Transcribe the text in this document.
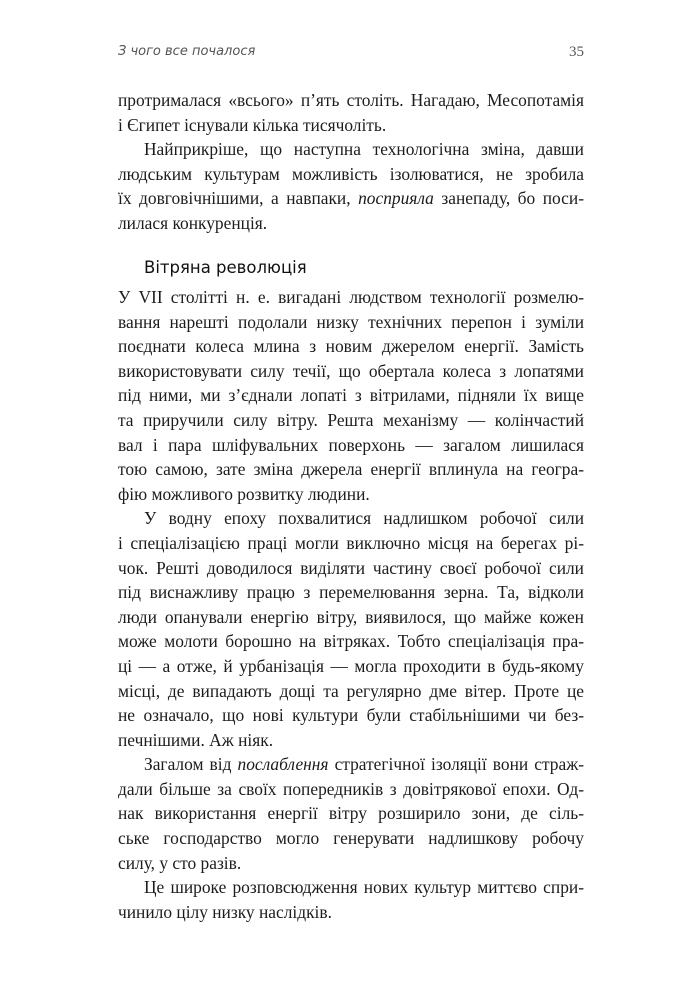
З чого все почалося	35
протрималася «всього» п’ять століть. Нагадаю, Месопотамія
і Єгипет існували кілька тисячоліть.
Найприкріше, що наступна технологічна зміна, давши
людським культурам можливість ізолюватися, не зробила
їх довговічнішими, а навпаки, посприяла занепаду, бо поси-
лилася конкуренція.
Вітряна революція
У VII столітті н. е. вигадані людством технології розмелю-
вання нарешті подолали низку технічних перепон і зуміли
поєднати колеса млина з новим джерелом енергії. Замість
використовувати силу течії, що обертала колеса з лопатями
під ними, ми з’єднали лопаті з вітрилами, підняли їх вище
та приручили силу вітру. Решта механізму — колінчастий
вал і пара шліфувальних поверхонь — загалом лишилася
тою самою, зате зміна джерела енергії вплинула на геогра-
фію можливого розвитку людини.
У водну епоху похвалитися надлишком робочої сили
і спеціалізацією праці могли виключно місця на берегах рі-
чок. Решті доводилося виділяти частину своєї робочої сили
під виснажливу працю з перемелювання зерна. Та, відколи
люди опанували енергію вітру, виявилося, що майже кожен
може молоти борошно на вітряках. Тобто спеціалізація пра-
ці — а отже, й урбанізація — могла проходити в будь-якому
місці, де випадають дощі та регулярно дме вітер. Проте це
не означало, що нові культури були стабільнішими чи без-
печнішими. Аж ніяк.
Загалом від послаблення стратегічної ізоляції вони страж-
дали більше за своїх попередників з довітрякової епохи. Од-
нак використання енергії вітру розширило зони, де сіль-
ське господарство могло генерувати надлишкову робочу
силу, у сто разів.
Це широке розповсюдження нових культур миттєво спри-
чинило цілу низку наслідків.
